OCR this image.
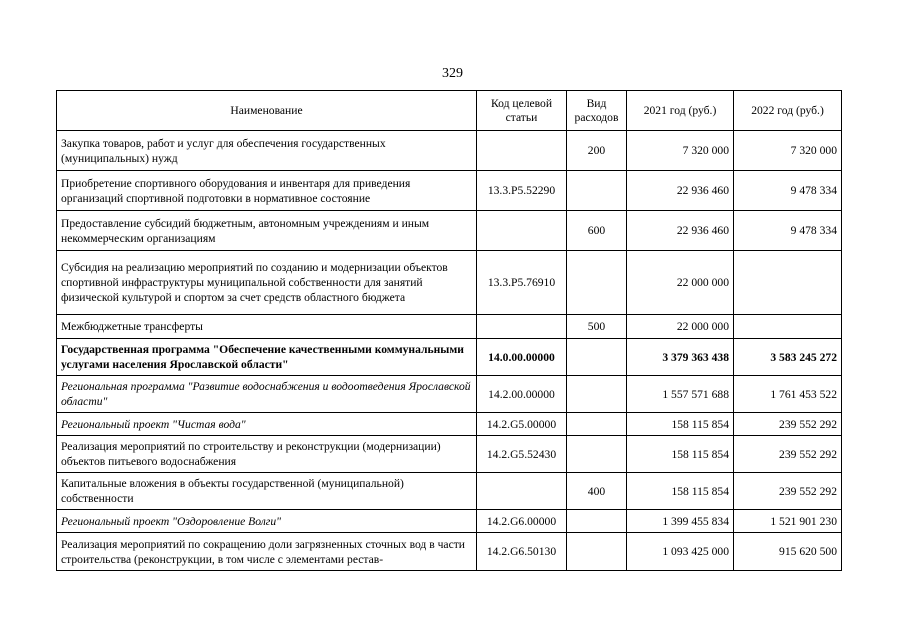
329
Наименование	Код целевой статьи	Вид расходов	2021 год (руб.)	2022 год (руб.)
Закупка товаров, работ и услуг для обеспечения государственных (муниципальных) нужд		200	7 320 000	7 320 000
Приобретение спортивного оборудования и инвентаря для приведения организаций спортивной подготовки в нормативное состояние	13.3.P5.52290		22 936 460	9 478 334
Предоставление субсидий бюджетным, автономным учреждениям и иным некоммерческим организациям		600	22 936 460	9 478 334
Субсидия на реализацию мероприятий по созданию и модернизации объектов спортивной инфраструктуры муниципальной собственности для занятий физической культурой и спортом за счет средств областного бюджета	13.3.P5.76910		22 000 000	
Межбюджетные трансферты		500	22 000 000	
Государственная программа "Обеспечение качественными коммунальными услугами населения Ярославской области"	14.0.00.00000		3 379 363 438	3 583 245 272
Региональная программа "Развитие водоснабжения и водоотведения Ярославской области"	14.2.00.00000		1 557 571 688	1 761 453 522
Региональный проект "Чистая вода"	14.2.G5.00000		158 115 854	239 552 292
Реализация мероприятий по строительству и реконструкции (модернизации) объектов питьевого водоснабжения	14.2.G5.52430		158 115 854	239 552 292
Капитальные вложения в объекты государственной (муниципальной) собственности		400	158 115 854	239 552 292
Региональный проект "Оздоровление Волги"	14.2.G6.00000		1 399 455 834	1 521 901 230
Реализация мероприятий по сокращению доли загрязненных сточных вод в части строительства (реконструкции, в том числе с элементами рестав-	14.2.G6.50130		1 093 425 000	915 620 500
